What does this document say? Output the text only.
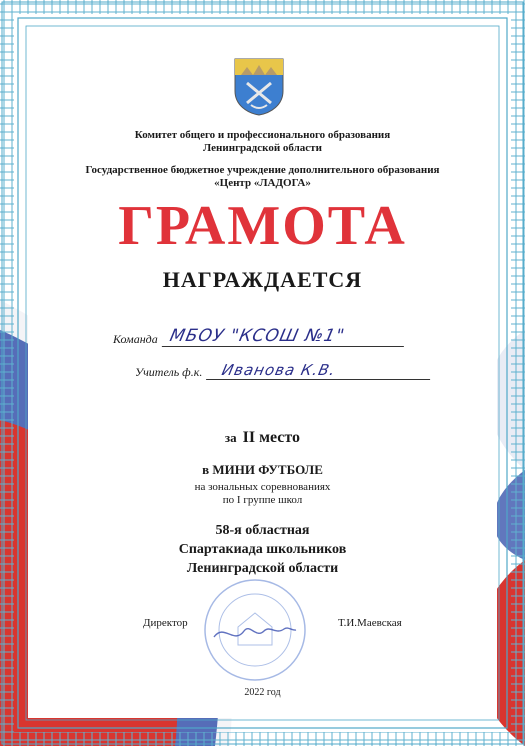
Комитет общего и профессионального образования
Ленинградской области
Государственное бюджетное учреждение дополнительного образования
«Центр «ЛАДОГА»
ГРАМОТА
НАГРАЖДАЕТСЯ
Команда МБОУ "КСОШ №1"
Учитель ф.к.	Иванова К.В.
за II место
в МИНИ ФУТБОЛЕ
на зональных соревнованиях
по I группе школ
58-я областная
Спартакиада школьников
Ленинградской области
Директор	Т.И.Маевская
2022 год
